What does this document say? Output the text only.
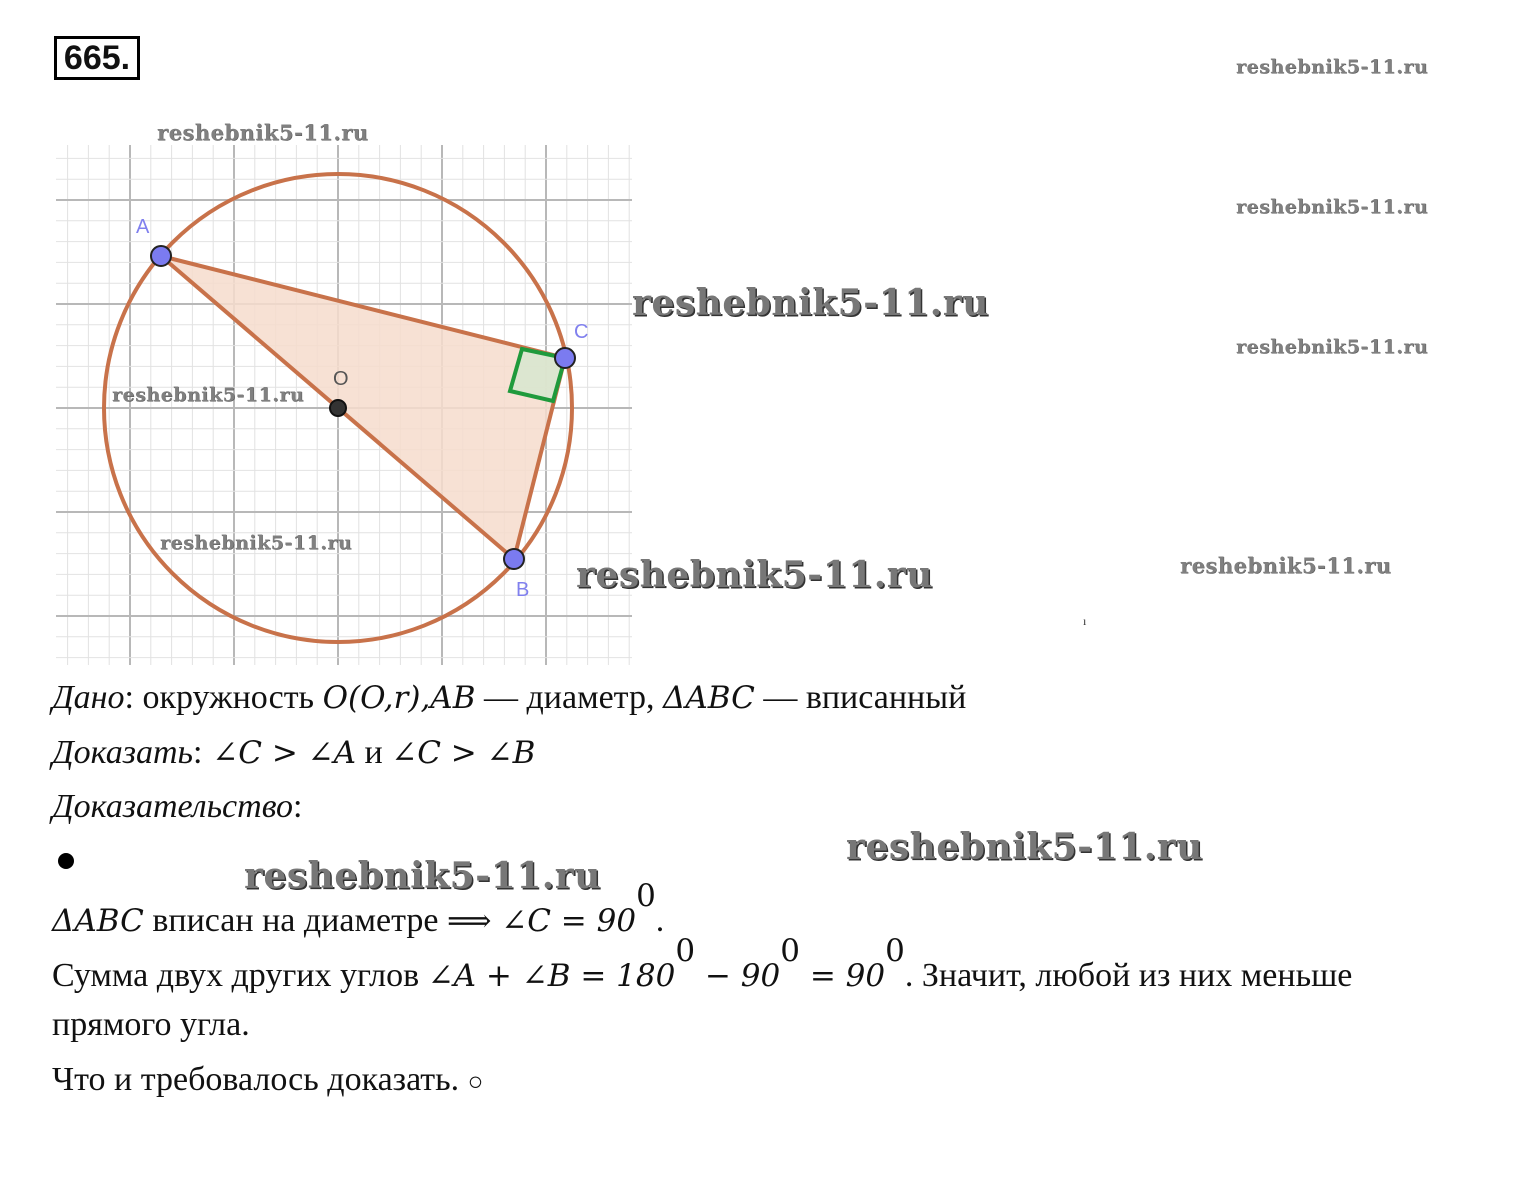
665.
A
C
B
O
reshebnik5-11.ru
reshebnik5-11.ru
reshebnik5-11.ru
reshebnik5-11.ru
reshebnik5-11.ru
reshebnik5-11.ru
reshebnik5-11.ru
reshebnik5-11.ru	reshebnik5-11.ru
reshebnik5-11.ru
reshebnik5-11.ru
ı
Дано: окружность O(O,r),AB — диаметр, ΔABC — вписанный
Доказать: ∠C > ∠A и ∠C > ∠B
Доказательство:
ΔABC вписан на диаметре ⟹ ∠C = $90^0$.
Сумма двух других углов ∠A + ∠B = $180^0 - 90^0 = 90^0$. Значит, любой из них меньше
прямого угла.
Что и требовалось доказать. ○
